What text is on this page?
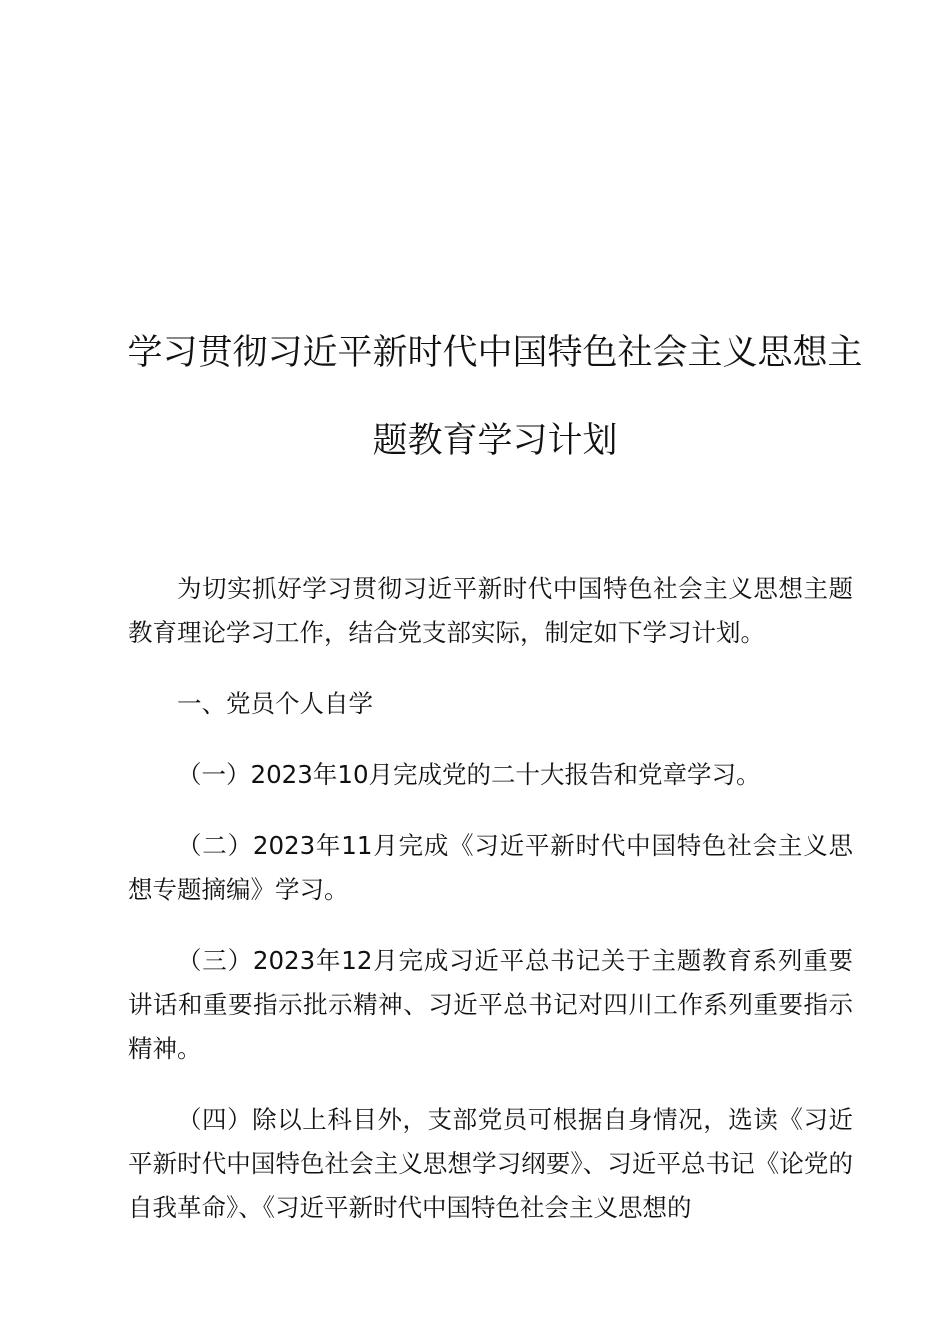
学习贯彻习近平新时代中国特色社会主义思想主
题教育学习计划

为切实抓好学习贯彻习近平新时代中国特色社会主义思想主题教育理论学习工作，结合党支部实际，制定如下学习计划。

一、党员个人自学

（一）2023年10月完成党的二十大报告和党章学习。

（二）2023年11月完成《习近平新时代中国特色社会主义思想专题摘编》学习。

（三）2023年12月完成习近平总书记关于主题教育系列重要讲话和重要指示批示精神、习近平总书记对四川工作系列重要指示精神。

（四）除以上科目外，支部党员可根据自身情况，选读《习近平新时代中国特色社会主义思想学习纲要》、习近平总书记《论党的自我革命》、《习近平新时代中国特色社会主义思想的
